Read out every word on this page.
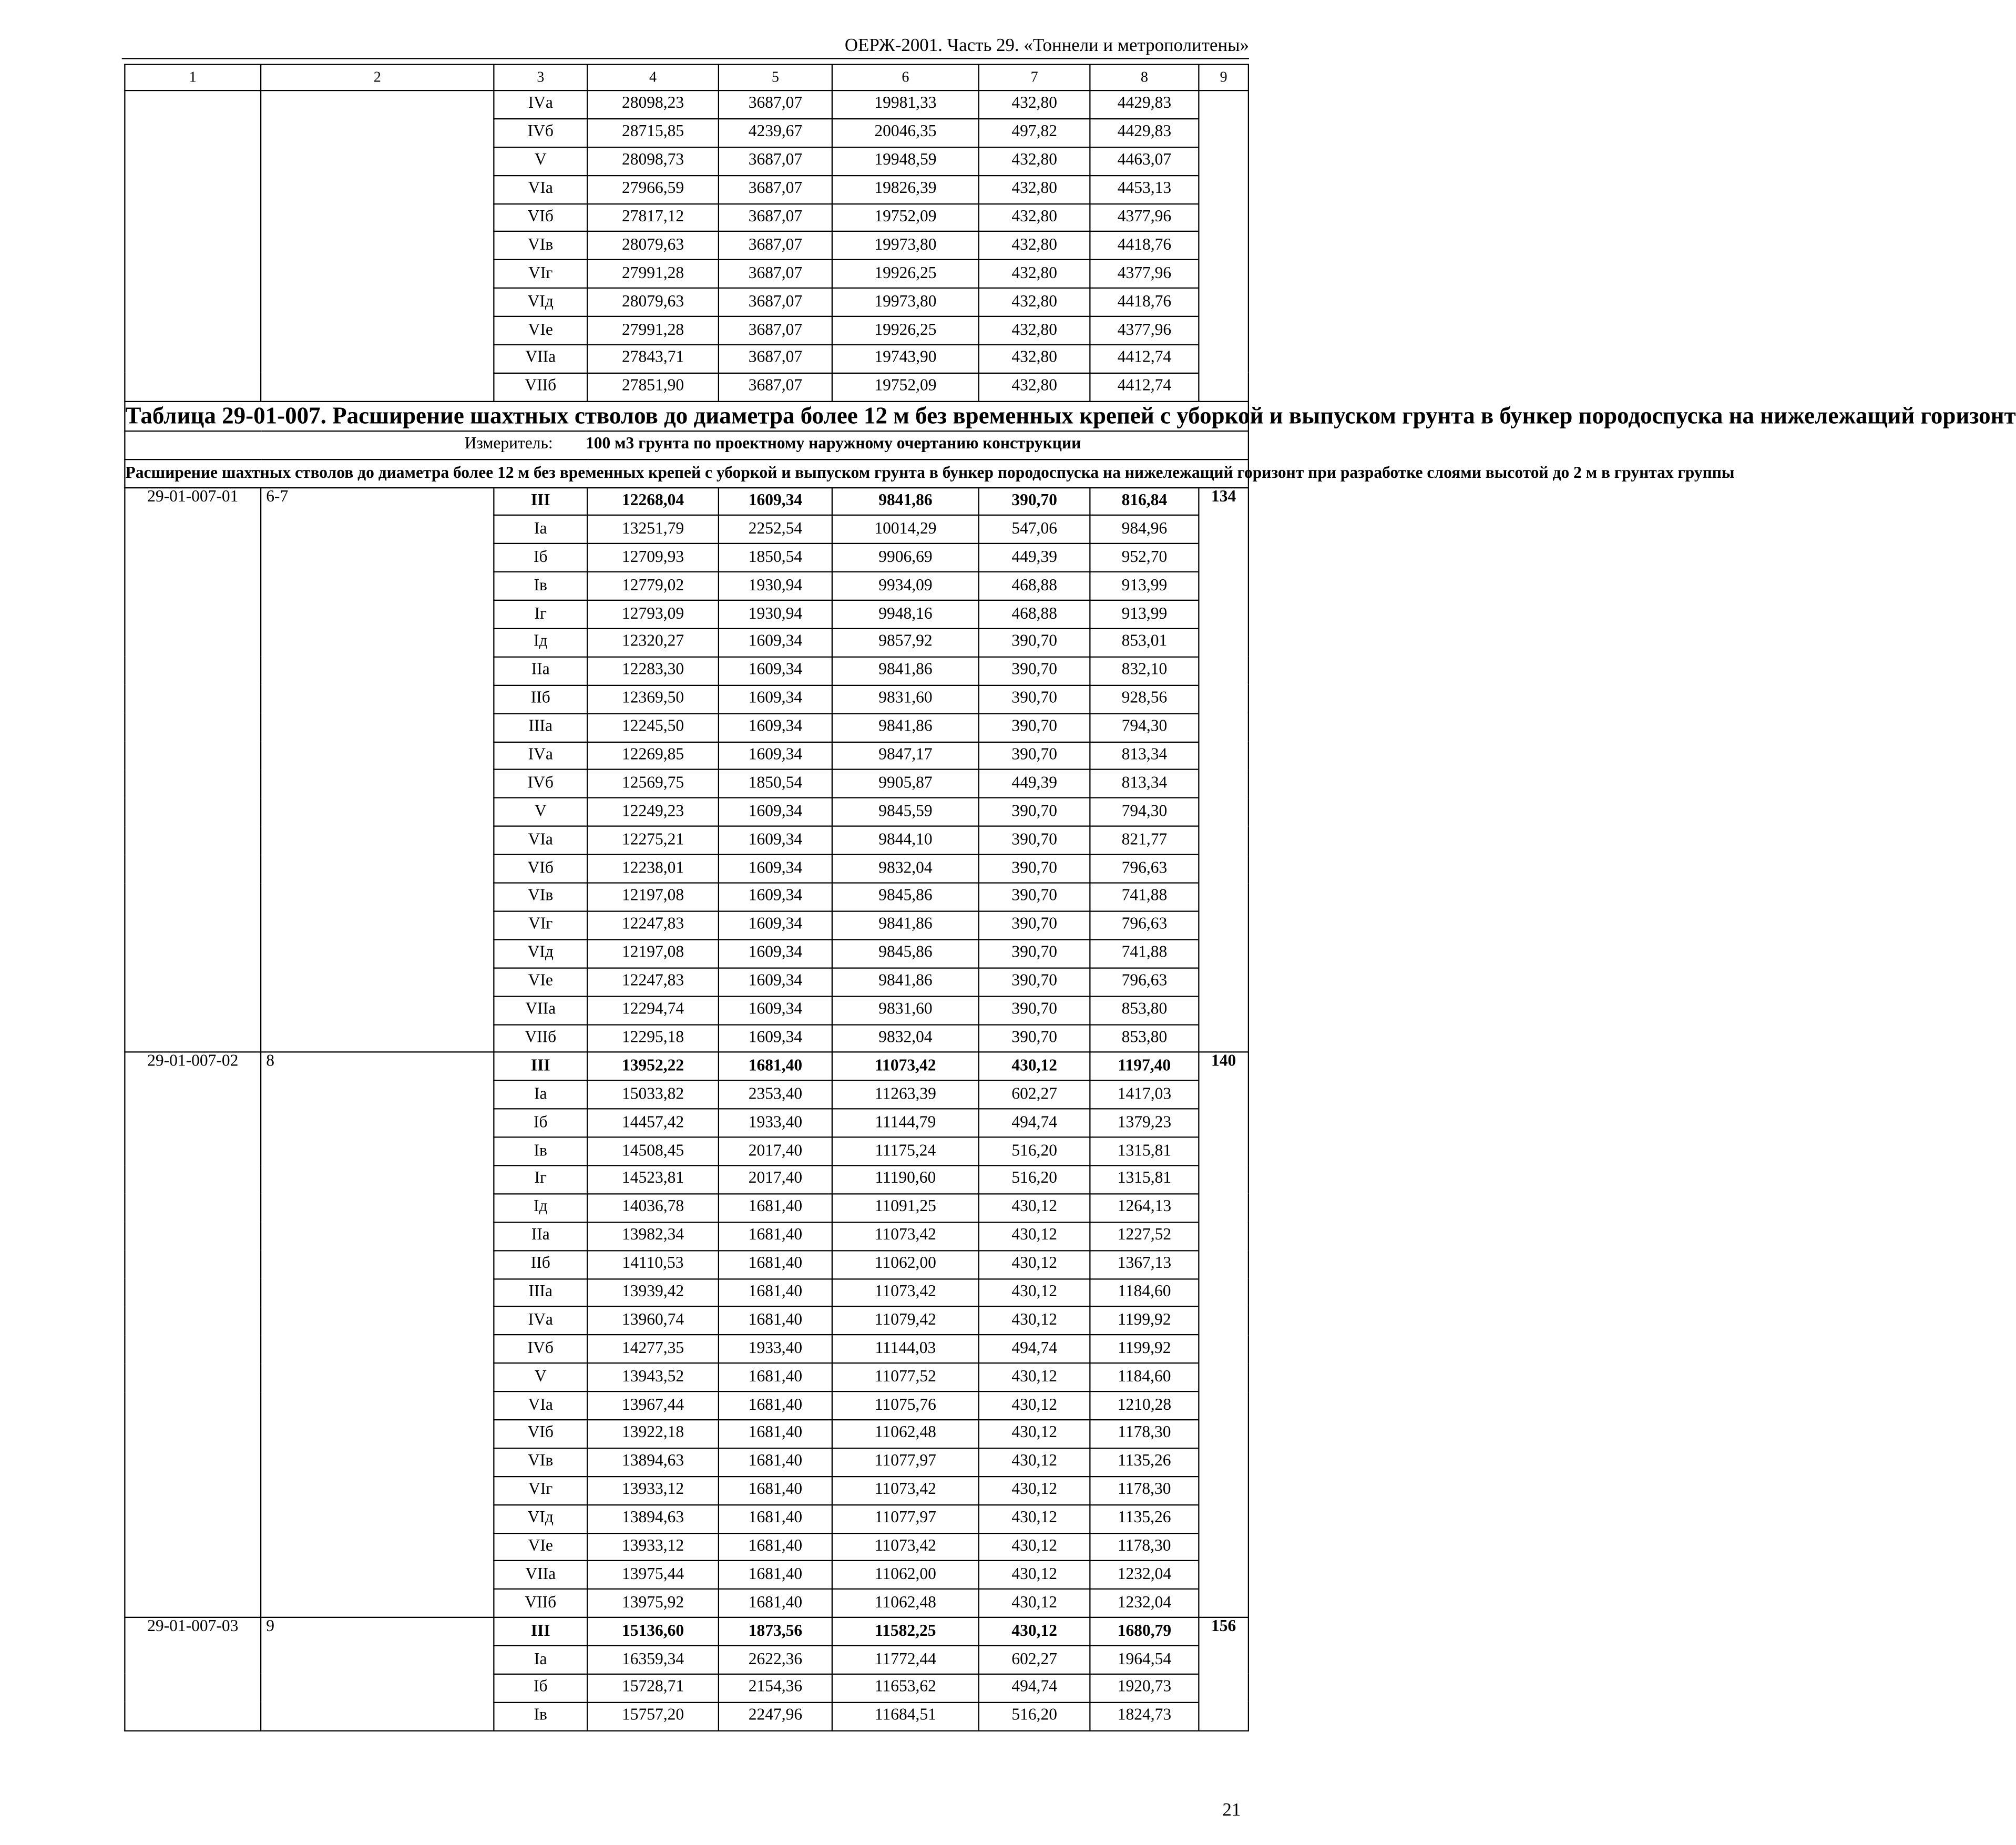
ОЕРЖ-2001. Часть 29. «Тоннели и метрополитены»
1	2	3	4	5	6	7	8	9
		IVа	28098,23	3687,07	19981,33	432,80	4429,83	
		IVб	28715,85	4239,67	20046,35	497,82	4429,83	
		V	28098,73	3687,07	19948,59	432,80	4463,07	
		VIа	27966,59	3687,07	19826,39	432,80	4453,13	
		VIб	27817,12	3687,07	19752,09	432,80	4377,96	
		VIв	28079,63	3687,07	19973,80	432,80	4418,76	
		VIг	27991,28	3687,07	19926,25	432,80	4377,96	
		VIд	28079,63	3687,07	19973,80	432,80	4418,76	
		VIе	27991,28	3687,07	19926,25	432,80	4377,96	
		VIIа	27843,71	3687,07	19743,90	432,80	4412,74	
		VIIб	27851,90	3687,07	19752,09	432,80	4412,74	
Таблица 29-01-007. Расширение шахтных стволов до диаметра более 12 м без временных крепей с уборкой и выпуском грунта в бункер породоспуска на нижележащий горизонт								
Измеритель: 100 м3 грунта по проектному наружному очертанию конструкции								
Расширение шахтных стволов до диаметра более 12 м без временных крепей с уборкой и выпуском грунта в бункер породоспуска на нижележащий горизонт при разработке слоями высотой до 2 м в грунтах группы								
29-01-007-01	6-7	III	12268,04	1609,34	9841,86	390,70	816,84	134
		Iа	13251,79	2252,54	10014,29	547,06	984,96	
		Iб	12709,93	1850,54	9906,69	449,39	952,70	
		Iв	12779,02	1930,94	9934,09	468,88	913,99	
		Iг	12793,09	1930,94	9948,16	468,88	913,99	
		Iд	12320,27	1609,34	9857,92	390,70	853,01	
		IIа	12283,30	1609,34	9841,86	390,70	832,10	
		IIб	12369,50	1609,34	9831,60	390,70	928,56	
		IIIа	12245,50	1609,34	9841,86	390,70	794,30	
		IVа	12269,85	1609,34	9847,17	390,70	813,34	
		IVб	12569,75	1850,54	9905,87	449,39	813,34	
		V	12249,23	1609,34	9845,59	390,70	794,30	
		VIа	12275,21	1609,34	9844,10	390,70	821,77	
		VIб	12238,01	1609,34	9832,04	390,70	796,63	
		VIв	12197,08	1609,34	9845,86	390,70	741,88	
		VIг	12247,83	1609,34	9841,86	390,70	796,63	
		VIд	12197,08	1609,34	9845,86	390,70	741,88	
		VIе	12247,83	1609,34	9841,86	390,70	796,63	
		VIIа	12294,74	1609,34	9831,60	390,70	853,80	
		VIIб	12295,18	1609,34	9832,04	390,70	853,80	
29-01-007-02	8	III	13952,22	1681,40	11073,42	430,12	1197,40	140
		Iа	15033,82	2353,40	11263,39	602,27	1417,03	
		Iб	14457,42	1933,40	11144,79	494,74	1379,23	
		Iв	14508,45	2017,40	11175,24	516,20	1315,81	
		Iг	14523,81	2017,40	11190,60	516,20	1315,81	
		Iд	14036,78	1681,40	11091,25	430,12	1264,13	
		IIа	13982,34	1681,40	11073,42	430,12	1227,52	
		IIб	14110,53	1681,40	11062,00	430,12	1367,13	
		IIIа	13939,42	1681,40	11073,42	430,12	1184,60	
		IVа	13960,74	1681,40	11079,42	430,12	1199,92	
		IVб	14277,35	1933,40	11144,03	494,74	1199,92	
		V	13943,52	1681,40	11077,52	430,12	1184,60	
		VIа	13967,44	1681,40	11075,76	430,12	1210,28	
		VIб	13922,18	1681,40	11062,48	430,12	1178,30	
		VIв	13894,63	1681,40	11077,97	430,12	1135,26	
		VIг	13933,12	1681,40	11073,42	430,12	1178,30	
		VIд	13894,63	1681,40	11077,97	430,12	1135,26	
		VIе	13933,12	1681,40	11073,42	430,12	1178,30	
		VIIа	13975,44	1681,40	11062,00	430,12	1232,04	
		VIIб	13975,92	1681,40	11062,48	430,12	1232,04	
29-01-007-03	9	III	15136,60	1873,56	11582,25	430,12	1680,79	156
		Iа	16359,34	2622,36	11772,44	602,27	1964,54	
		Iб	15728,71	2154,36	11653,62	494,74	1920,73	
		Iв	15757,20	2247,96	11684,51	516,20	1824,73	
21
